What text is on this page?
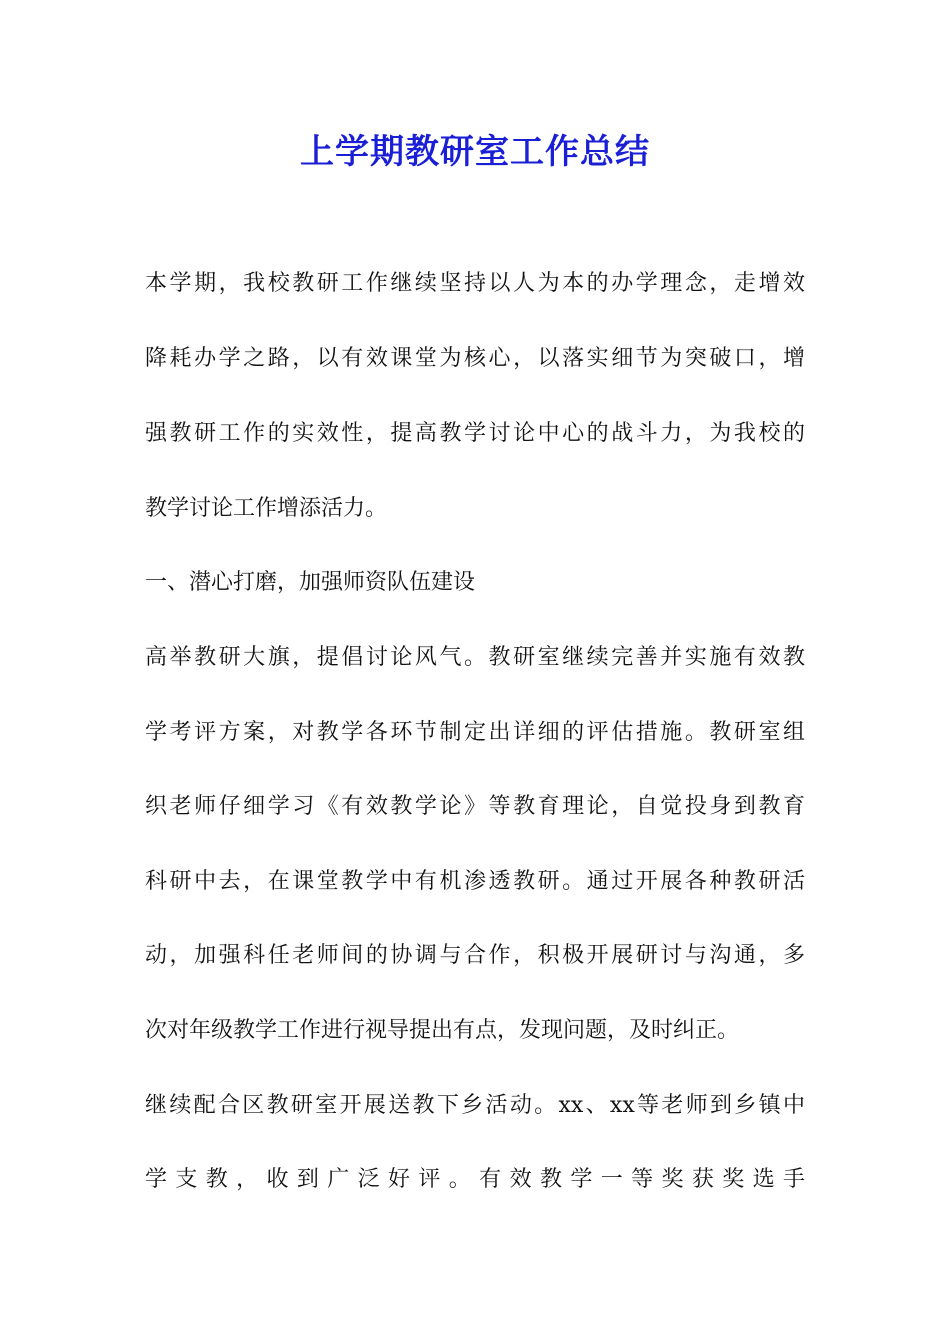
上学期教研室工作总结

本学期，我校教研工作继续坚持以人为本的办学理念，走增效

降耗办学之路，以有效课堂为核心，以落实细节为突破口，增

强教研工作的实效性，提高教学讨论中心的战斗力，为我校的

教学讨论工作增添活力。

一、潜心打磨，加强师资队伍建设

高举教研大旗，提倡讨论风气。教研室继续完善并实施有效教

学考评方案，对教学各环节制定出详细的评估措施。教研室组

织老师仔细学习《有效教学论》等教育理论，自觉投身到教育

科研中去，在课堂教学中有机渗透教研。通过开展各种教研活

动，加强科任老师间的协调与合作，积极开展研讨与沟通，多

次对年级教学工作进行视导提出有点，发现问题，及时纠正。

继续配合区教研室开展送教下乡活动。xx、xx等老师到乡镇中

学支教，收到广泛好评。有效教学一等奖获奖选手
